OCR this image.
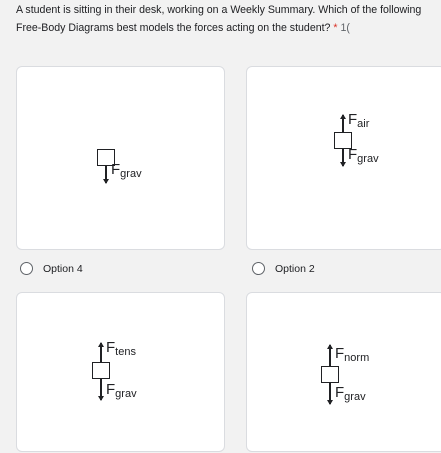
A student is sitting in their desk, working on a Weekly Summary. Which of the following Free-Body Diagrams best models the forces acting on the student? * 1(
$F_{grav}$
$F_{air}$
$F_{grav}$
Option 4	Option 2
$F_{tens}$
$F_{grav}$
$F_{norm}$
$F_{grav}$
